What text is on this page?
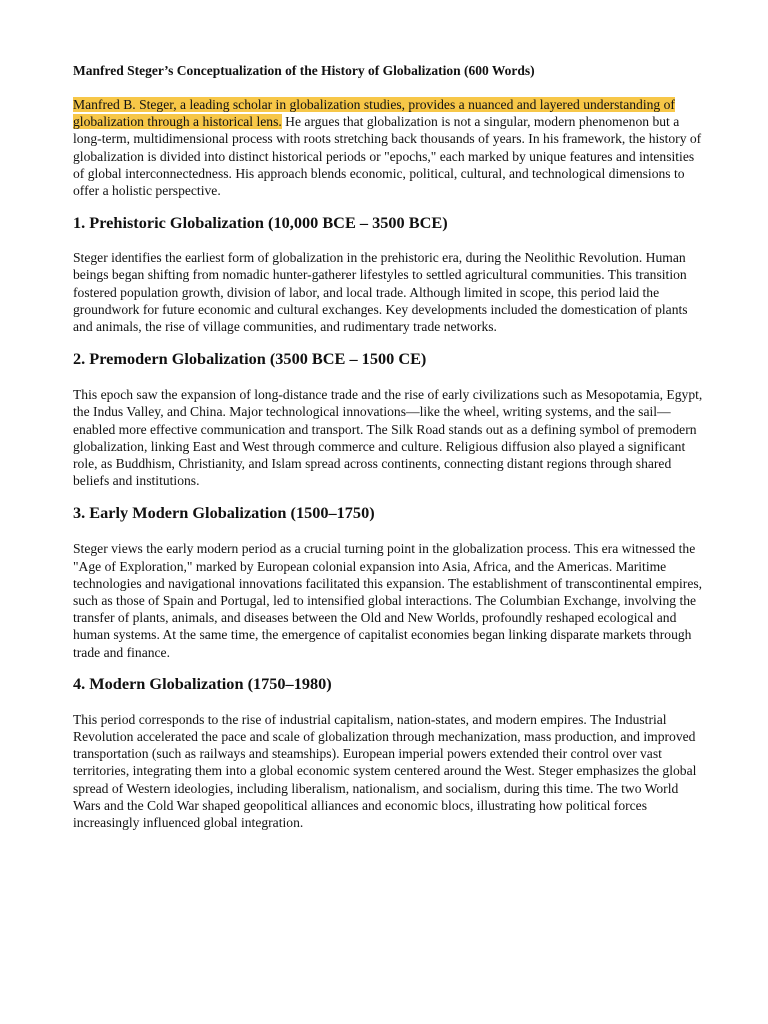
Manfred Steger’s Conceptualization of the History of Globalization (600 Words)

Manfred B. Steger, a leading scholar in globalization studies, provides a nuanced and layered understanding of globalization through a historical lens. He argues that globalization is not a singular, modern phenomenon but a long-term, multidimensional process with roots stretching back thousands of years. In his framework, the history of globalization is divided into distinct historical periods or "epochs," each marked by unique features and intensities of global interconnectedness. His approach blends economic, political, cultural, and technological dimensions to offer a holistic perspective.

1. Prehistoric Globalization (10,000 BCE – 3500 BCE)

Steger identifies the earliest form of globalization in the prehistoric era, during the Neolithic Revolution. Human beings began shifting from nomadic hunter-gatherer lifestyles to settled agricultural communities. This transition fostered population growth, division of labor, and local trade. Although limited in scope, this period laid the groundwork for future economic and cultural exchanges. Key developments included the domestication of plants and animals, the rise of village communities, and rudimentary trade networks.

2. Premodern Globalization (3500 BCE – 1500 CE)

This epoch saw the expansion of long-distance trade and the rise of early civilizations such as Mesopotamia, Egypt, the Indus Valley, and China. Major technological innovations—like the wheel, writing systems, and the sail—enabled more effective communication and transport. The Silk Road stands out as a defining symbol of premodern globalization, linking East and West through commerce and culture. Religious diffusion also played a significant role, as Buddhism, Christianity, and Islam spread across continents, connecting distant regions through shared beliefs and institutions.

3. Early Modern Globalization (1500–1750)

Steger views the early modern period as a crucial turning point in the globalization process. This era witnessed the "Age of Exploration," marked by European colonial expansion into Asia, Africa, and the Americas. Maritime technologies and navigational innovations facilitated this expansion. The establishment of transcontinental empires, such as those of Spain and Portugal, led to intensified global interactions. The Columbian Exchange, involving the transfer of plants, animals, and diseases between the Old and New Worlds, profoundly reshaped ecological and human systems. At the same time, the emergence of capitalist economies began linking disparate markets through trade and finance.

4. Modern Globalization (1750–1980)

This period corresponds to the rise of industrial capitalism, nation-states, and modern empires. The Industrial Revolution accelerated the pace and scale of globalization through mechanization, mass production, and improved transportation (such as railways and steamships). European imperial powers extended their control over vast territories, integrating them into a global economic system centered around the West. Steger emphasizes the global spread of Western ideologies, including liberalism, nationalism, and socialism, during this time. The two World Wars and the Cold War shaped geopolitical alliances and economic blocs, illustrating how political forces increasingly influenced global integration.
